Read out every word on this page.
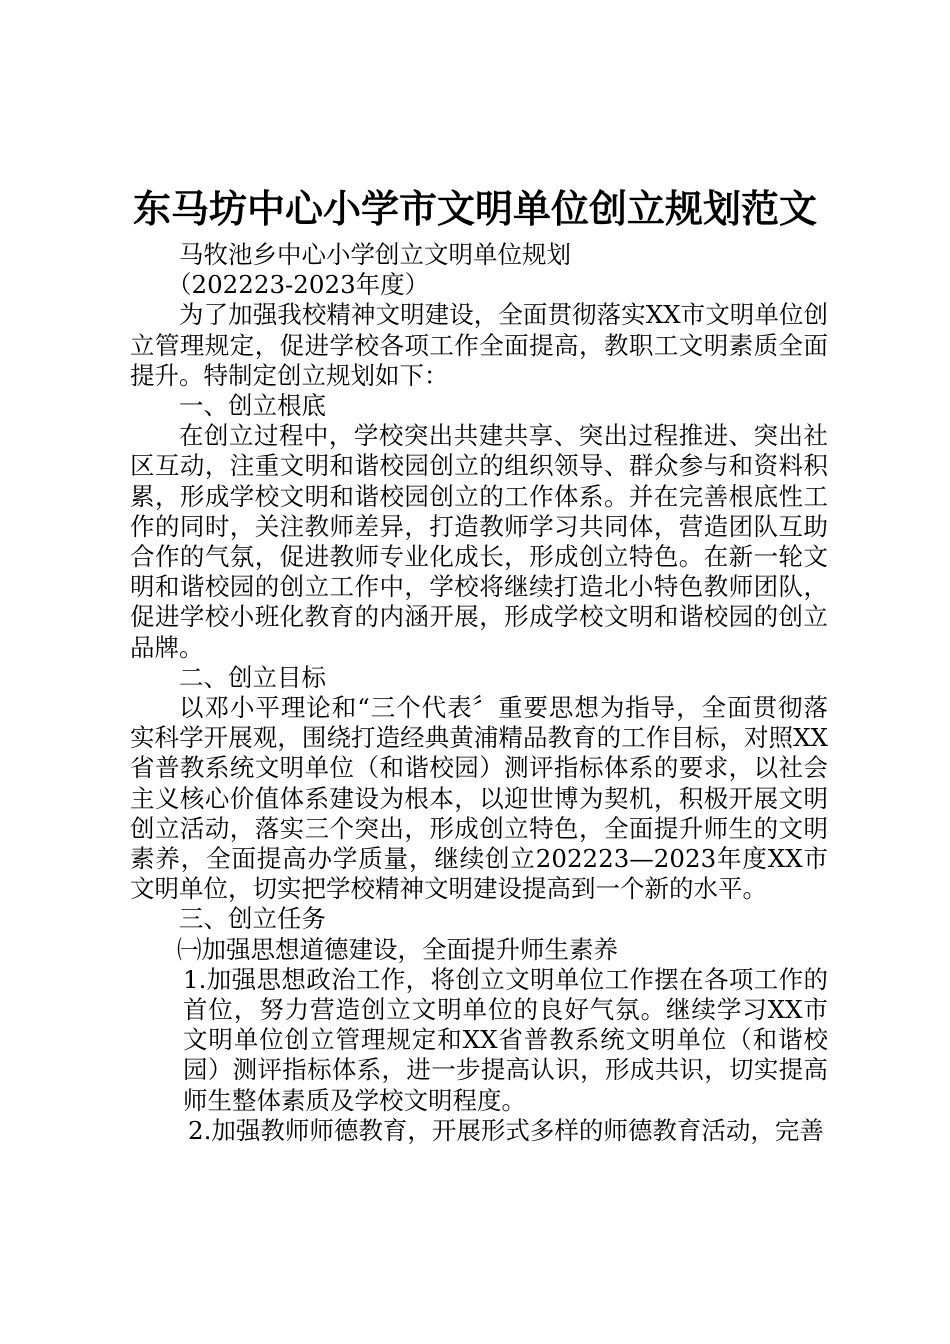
东马坊中心小学市文明单位创立规划范文

马牧池乡中心小学创立文明单位规划

（202223-2023年度）

为了加强我校精神文明建设，全面贯彻落实XX市文明单位创立管理规定，促进学校各项工作全面提高，教职工文明素质全面提升。特制定创立规划如下：

一、创立根底

在创立过程中，学校突出共建共享、突出过程推进、突出社区互动，注重文明和谐校园创立的组织领导、群众参与和资料积累，形成学校文明和谐校园创立的工作体系。并在完善根底性工作的同时，关注教师差异，打造教师学习共同体，营造团队互助合作的气氛，促进教师专业化成长，形成创立特色。在新一轮文明和谐校园的创立工作中，学校将继续打造北小特色教师团队，促进学校小班化教育的内涵开展，形成学校文明和谐校园的创立品牌。

二、创立目标

以邓小平理论和“三个代表〞重要思想为指导，全面贯彻落实科学开展观，围绕打造经典黄浦精品教育的工作目标，对照XX省普教系统文明单位（和谐校园）测评指标体系的要求，以社会主义核心价值体系建设为根本，以迎世博为契机，积极开展文明创立活动，落实三个突出，形成创立特色，全面提升师生的文明素养，全面提高办学质量，继续创立202223—2023年度XX市文明单位，切实把学校精神文明建设提高到一个新的水平。

三、创立任务

㈠加强思想道德建设，全面提升师生素养

1.加强思想政治工作，将创立文明单位工作摆在各项工作的首位，努力营造创立文明单位的良好气氛。继续学习XX市文明单位创立管理规定和XX省普教系统文明单位（和谐校园）测评指标体系，进一步提高认识，形成共识，切实提高师生整体素质及学校文明程度。

2.加强教师师德教育，开展形式多样的师德教育活动，完善
